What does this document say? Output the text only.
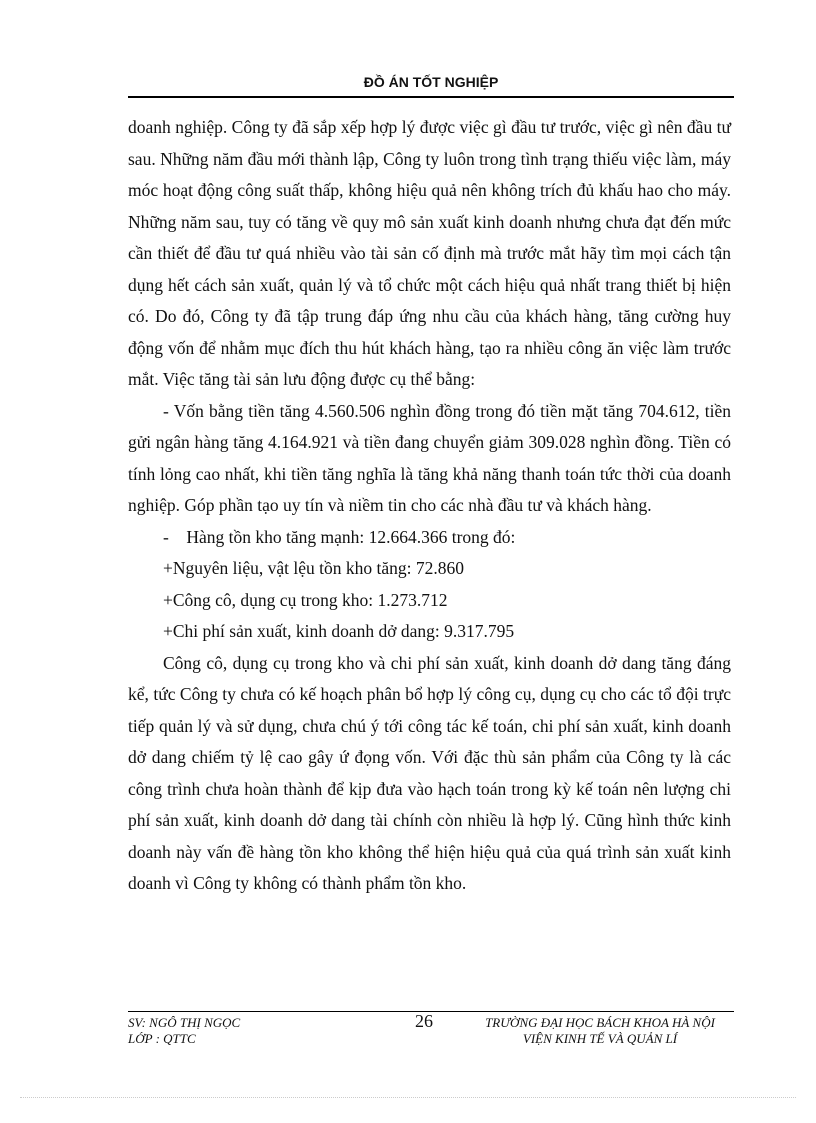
ĐỒ ÁN TỐT NGHIỆP

doanh nghiệp. Công ty đã sắp xếp hợp lý được việc gì đầu tư trước, việc gì nên đầu tư sau. Những năm đầu mới thành lập, Công ty luôn trong tình trạng thiếu việc làm, máy móc hoạt động công suất thấp, không hiệu quả nên không trích đủ khấu hao cho máy. Những năm sau, tuy có tăng về quy mô sản xuất kinh doanh nhưng chưa đạt đến mức cần thiết để đầu tư quá nhiều vào tài sản cố định mà trước mắt hãy tìm mọi cách tận dụng hết cách sản xuất, quản lý và tổ chức một cách hiệu quả nhất trang thiết bị hiện có. Do đó, Công ty đã tập trung đáp ứng nhu cầu của khách hàng, tăng cường huy động vốn để nhằm mục đích thu hút khách hàng, tạo ra nhiều công ăn việc làm trước mắt. Việc tăng tài sản lưu động được cụ thể bằng:

- Vốn bằng tiền tăng 4.560.506 nghìn đồng trong đó tiền mặt tăng 704.612, tiền gửi ngân hàng tăng 4.164.921 và tiền đang chuyển giảm 309.028 nghìn đồng. Tiền có tính lỏng cao nhất, khi tiền tăng nghĩa là tăng khả năng thanh toán tức thời của doanh nghiệp. Góp phần tạo uy tín và niềm tin cho các nhà đầu tư và khách hàng.

-    Hàng tồn kho tăng mạnh: 12.664.366 trong đó:

+Nguyên liệu, vật lệu tồn kho tăng: 72.860

+Công cô, dụng cụ trong kho: 1.273.712

+Chi phí sản xuất, kinh doanh dở dang: 9.317.795

Công cô, dụng cụ trong kho và chi phí sản xuất, kinh doanh dở dang tăng đáng kể, tức Công ty chưa có kế hoạch phân bổ hợp lý công cụ, dụng cụ cho các tổ đội trực tiếp quản lý và sử dụng, chưa chú ý tới công tác kế toán, chi phí sản xuất, kinh doanh dở dang chiếm tỷ lệ cao gây ứ đọng vốn. Với đặc thù sản phẩm của Công ty là các công trình chưa hoàn thành để kịp đưa vào hạch toán trong kỳ kế toán nên lượng chi phí sản xuất, kinh doanh dở dang tài chính còn nhiều là hợp lý. Cũng hình thức kinh doanh này vấn đề hàng tồn kho không thể hiện hiệu quả của quá trình sản xuất kinh doanh vì Công ty không có thành phẩm tồn kho.

SV: NGÔ THỊ NGỌC
LỚP : QTTC
26	TRƯỜNG ĐẠI HỌC BÁCH KHOA HÀ NỘI
VIỆN KINH TẾ VÀ QUẢN LÍ
